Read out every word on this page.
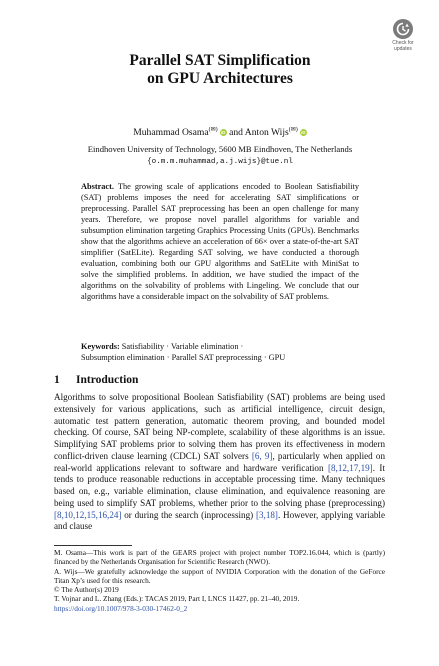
Check for
updates
Parallel SAT Simplification
on GPU Architectures
Muhammad Osama(✉) iD and Anton Wijs(✉) iD
Eindhoven University of Technology, 5600 MB Eindhoven, The Netherlands
{o.m.m.muhammad,a.j.wijs}@tue.nl
Abstract. The growing scale of applications encoded to Boolean Satisfiability (SAT) problems imposes the need for accelerating SAT simplifications or preprocessing. Parallel SAT preprocessing has been an open challenge for many years. Therefore, we propose novel parallel algorithms for variable and subsumption elimination targeting Graphics Processing Units (GPUs). Benchmarks show that the algorithms achieve an acceleration of 66× over a state-of-the-art SAT simplifier (SatELite). Regarding SAT solving, we have conducted a thorough evaluation, combining both our GPU algorithms and SatELite with MiniSat to solve the simplified problems. In addition, we have studied the impact of the algorithms on the solvability of problems with Lingeling. We conclude that our algorithms have a considerable impact on the solvability of SAT problems.
Keywords: Satisfiability · Variable elimination ·
Subsumption elimination · Parallel SAT preprocessing · GPU
1 Introduction
Algorithms to solve propositional Boolean Satisfiability (SAT) problems are being used extensively for various applications, such as artificial intelligence, circuit design, automatic test pattern generation, automatic theorem proving, and bounded model checking. Of course, SAT being NP-complete, scalability of these algorithms is an issue. Simplifying SAT problems prior to solving them has proven its effectiveness in modern conflict-driven clause learning (CDCL) SAT solvers [6, 9], particularly when applied on real-world applications relevant to software and hardware verification [8,12,17,19]. It tends to produce reasonable reductions in acceptable processing time. Many techniques based on, e.g., variable elimination, clause elimination, and equivalence reasoning are being used to simplify SAT problems, whether prior to the solving phase (preprocessing) [8,10,12,15,16,24] or during the search (inprocessing) [3,18]. However, applying variable and clause

M. Osama—This work is part of the GEARS project with project number TOP2.16.044, which is (partly) financed by the Netherlands Organisation for Scientific Research (NWO).

A. Wijs—We gratefully acknowledge the support of NVIDIA Corporation with the donation of the GeForce Titan Xp’s used for this research.

© The Author(s) 2019

T. Vojnar and L. Zhang (Eds.): TACAS 2019, Part I, LNCS 11427, pp. 21–40, 2019.

https://doi.org/10.1007/978-3-030-17462-0_2
